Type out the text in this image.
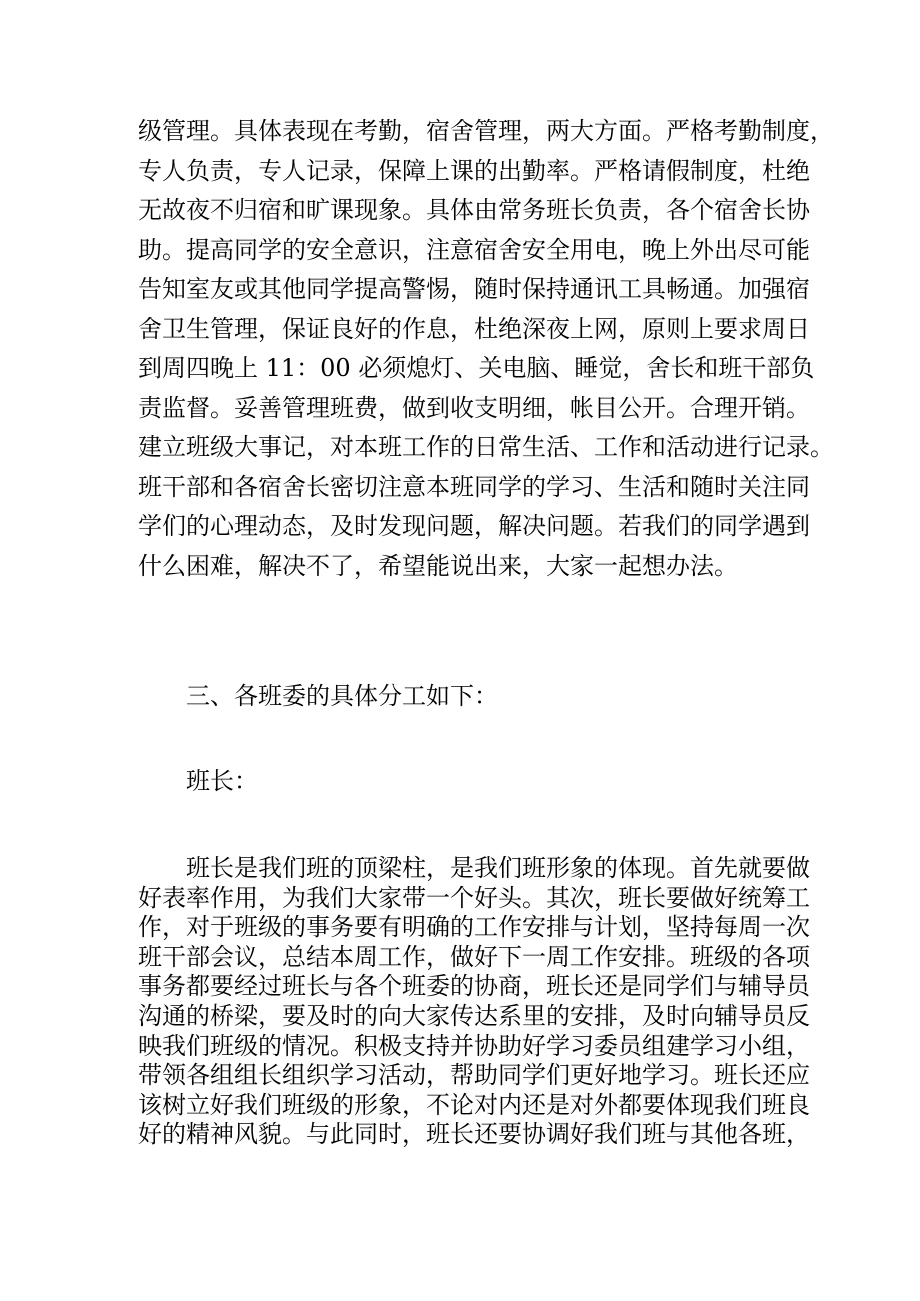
级管理。具体表现在考勤，宿舍管理，两大方面。严格考勤制度，
专人负责，专人记录，保障上课的出勤率。严格请假制度，杜绝
无故夜不归宿和旷课现象。具体由常务班长负责，各个宿舍长协
助。提高同学的安全意识，注意宿舍安全用电，晚上外出尽可能
告知室友或其他同学提高警惕，随时保持通讯工具畅通。加强宿
舍卫生管理，保证良好的作息，杜绝深夜上网，原则上要求周日
到周四晚上 11：00 必须熄灯、关电脑、睡觉，舍长和班干部负
责监督。妥善管理班费，做到收支明细，帐目公开。合理开销。
建立班级大事记，对本班工作的日常生活、工作和活动进行记录。
班干部和各宿舍长密切注意本班同学的学习、生活和随时关注同
学们的心理动态，及时发现问题，解决问题。若我们的同学遇到
什么困难，解决不了，希望能说出来，大家一起想办法。
三、各班委的具体分工如下：
班长：
班长是我们班的顶梁柱，是我们班形象的体现。首先就要做
好表率作用，为我们大家带一个好头。其次，班长要做好统筹工
作，对于班级的事务要有明确的工作安排与计划，坚持每周一次
班干部会议，总结本周工作，做好下一周工作安排。班级的各项
事务都要经过班长与各个班委的协商，班长还是同学们与辅导员
沟通的桥梁，要及时的向大家传达系里的安排，及时向辅导员反
映我们班级的情况。积极支持并协助好学习委员组建学习小组，
带领各组组长组织学习活动，帮助同学们更好地学习。班长还应
该树立好我们班级的形象，不论对内还是对外都要体现我们班良
好的精神风貌。与此同时，班长还要协调好我们班与其他各班，
